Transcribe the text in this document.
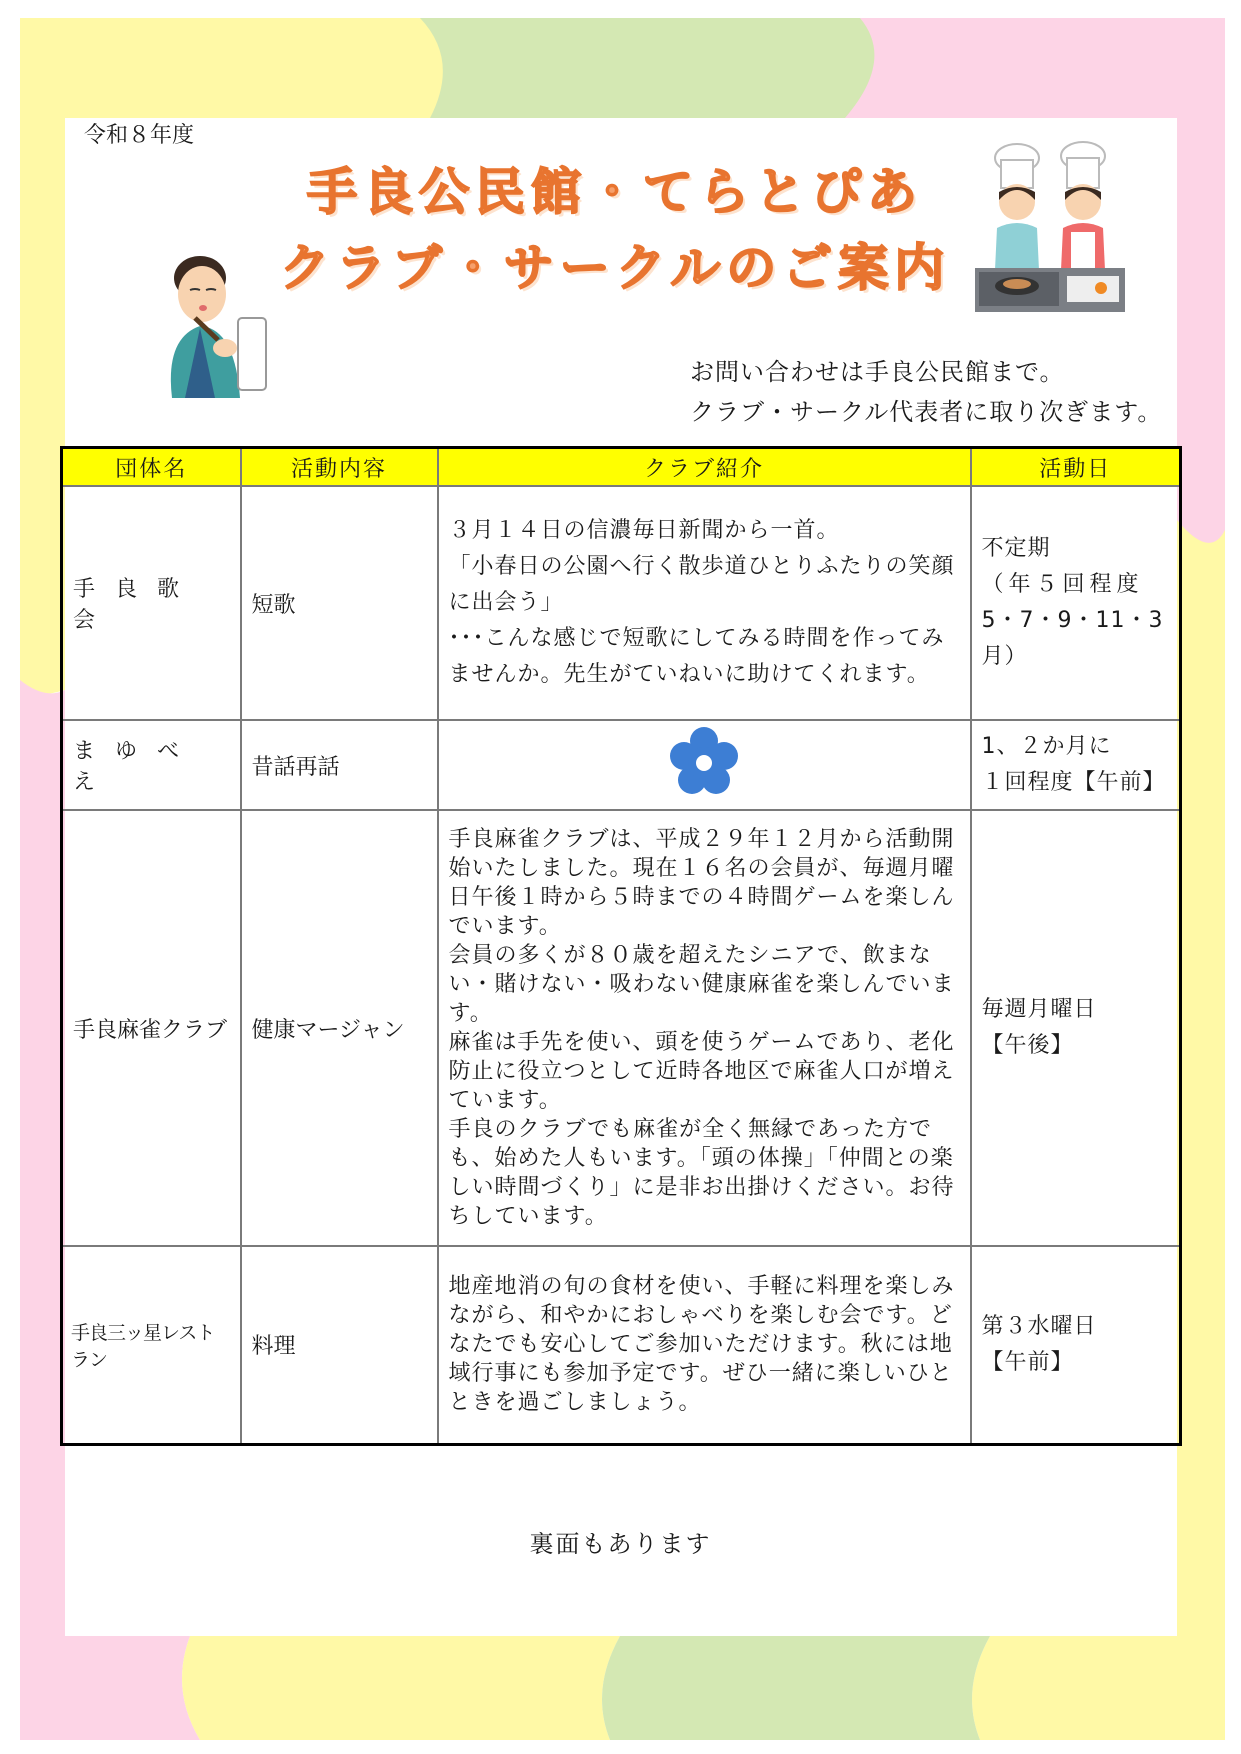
令和８年度
手良公民館・てらとぴあ
クラブ・サークルのご案内
お問い合わせは手良公民館まで。
クラブ・サークル代表者に取り次ぎます。
団体名	活動内容	クラブ紹介	活動日
手良歌会	短歌	３月１４日の信濃毎日新聞から一首。
「小春日の公園へ行く散歩道ひとりふたりの笑顔に出会う」
･･･こんな感じで短歌にしてみる時間を作ってみませんか。先生がていねいに助けてくれます。	不定期
（年５回程度
5・7・9・11・3月）

まゆべえ	昔話再話		1、２か月に
１回程度【午前】

手良麻雀クラブ	健康マージャン	手良麻雀クラブは、平成２９年１２月から活動開始いたしました。現在１６名の会員が、毎週月曜日午後１時から５時までの４時間ゲームを楽しんでいます。
会員の多くが８０歳を超えたシニアで、飲まない・賭けない・吸わない健康麻雀を楽しんでいます。
麻雀は手先を使い、頭を使うゲームであり、老化防止に役立つとして近時各地区で麻雀人口が増えています。
手良のクラブでも麻雀が全く無縁であった方でも、始めた人もいます。「頭の体操」「仲間との楽しい時間づくり」に是非お出掛けください。お待ちしています。	毎週月曜日
【午後】

手良三ッ星レストラン	料理	地産地消の旬の食材を使い、手軽に料理を楽しみながら、和やかにおしゃべりを楽しむ会です。どなたでも安心してご参加いただけます。秋には地域行事にも参加予定です。ぜひ一緒に楽しいひとときを過ごしましょう。	第３水曜日
【午前】
裏面もあります
